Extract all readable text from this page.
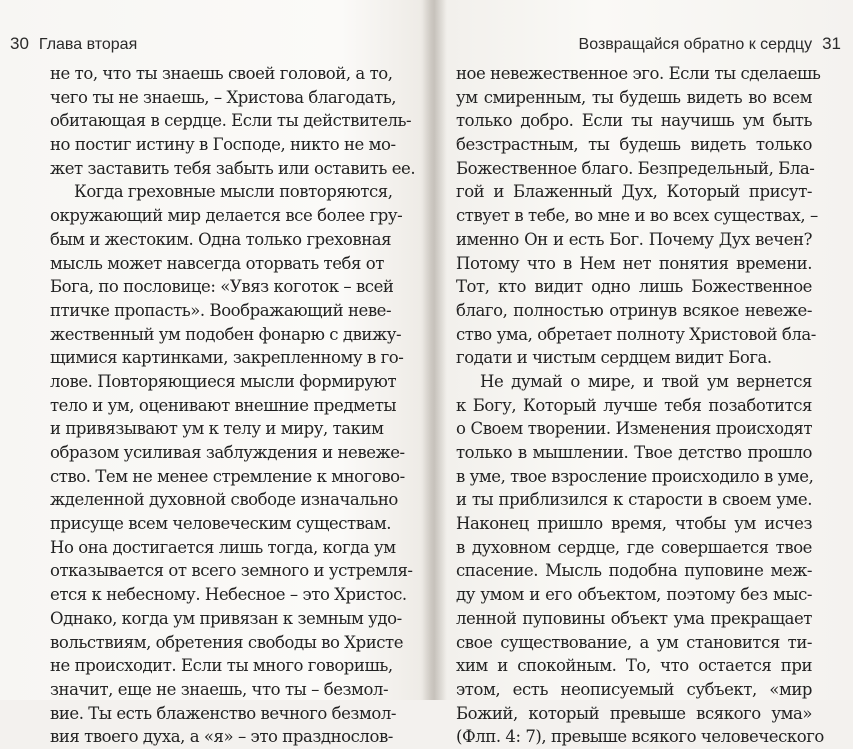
30 Глава вторая
не то, что ты знаешь своей головой, а то,
чего ты не знаешь, – Христова благодать,
обитающая в сердце. Если ты действитель-
но постиг истину в Господе, никто не мо-
жет заставить тебя забыть или оставить ее.
Когда греховные мысли повторяются,
окружающий мир делается все более гру-
бым и жестоким. Одна только греховная
мысль может навсегда оторвать тебя от
Бога, по пословице: «Увяз коготок – всей
птичке пропасть». Воображающий неве-
жественный ум подобен фонарю с движу-
щимися картинками, закрепленному в го-
лове. Повторяющиеся мысли формируют
тело и ум, оценивают внешние предметы
и привязывают ум к телу и миру, таким
образом усиливая заблуждения и невеже-
ство. Тем не менее стремление к многово-
жделенной духовной свободе изначально
присуще всем человеческим существам.
Но она достигается лишь тогда, когда ум
отказывается от всего земного и устремля-
ется к небесному. Небесное – это Христос.
Однако, когда ум привязан к земным удо-
вольствиям, обретения свободы во Христе
не происходит. Если ты много говоришь,
значит, еще не знаешь, что ты – безмол-
вие. Ты есть блаженство вечного безмол-
вия твоего духа, а «я» – это празднослов-
Возвращайся обратно к сердцу 31
ное невежественное эго. Если ты сделаешь
ум смиренным, ты будешь видеть во всем
только добро. Если ты научишь ум быть
безстрастным, ты будешь видеть только
Божественное благо. Безпредельный, Бла-
гой и Блаженный Дух, Который присут-
ствует в тебе, во мне и во всех существах, –
именно Он и есть Бог. Почему Дух вечен?
Потому что в Нем нет понятия времени.
Тот, кто видит одно лишь Божественное
благо, полностью отринув всякое невеже-
ство ума, обретает полноту Христовой бла-
годати и чистым сердцем видит Бога.
Не думай о мире, и твой ум вернется
к Богу, Который лучше тебя позаботится
о Своем творении. Изменения происходят
только в мышлении. Твое детство прошло
в уме, твое взросление происходило в уме,
и ты приблизился к старости в своем уме.
Наконец пришло время, чтобы ум исчез
в духовном сердце, где совершается твое
спасение. Мысль подобна пуповине меж-
ду умом и его объектом, поэтому без мыс-
ленной пуповины объект ума прекращает
свое существование, а ум становится ти-
хим и спокойным. То, что остается при
этом, есть неописуемый субъект, «мир
Божий, который превыше всякого ума»
(Флп. 4: 7), превыше всякого человеческого
